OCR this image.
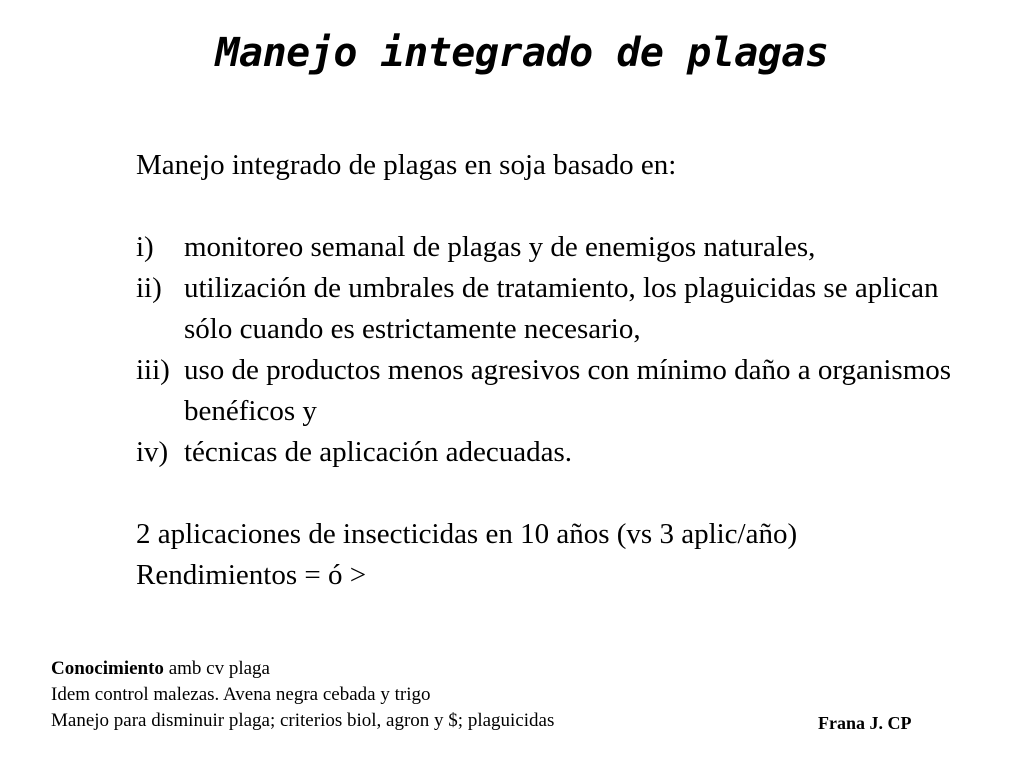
Manejo integrado de plagas

Manejo integrado de plagas en soja basado en:

i)	monitoreo semanal de plagas y de enemigos naturales,
ii) utilización de umbrales de tratamiento, los plaguicidas se aplican sólo cuando es estrictamente necesario,
iii) uso de productos menos agresivos con mínimo daño a organismos benéficos y
iv) técnicas de aplicación adecuadas.

2 aplicaciones de insecticidas en 10 años (vs 3 aplic/año)

Rendimientos = ó >

Conocimiento amb cv plaga

Idem control malezas. Avena negra cebada y trigo

Manejo para disminuir plaga; criterios biol, agron y $; plaguicidas	Frana J. CP
